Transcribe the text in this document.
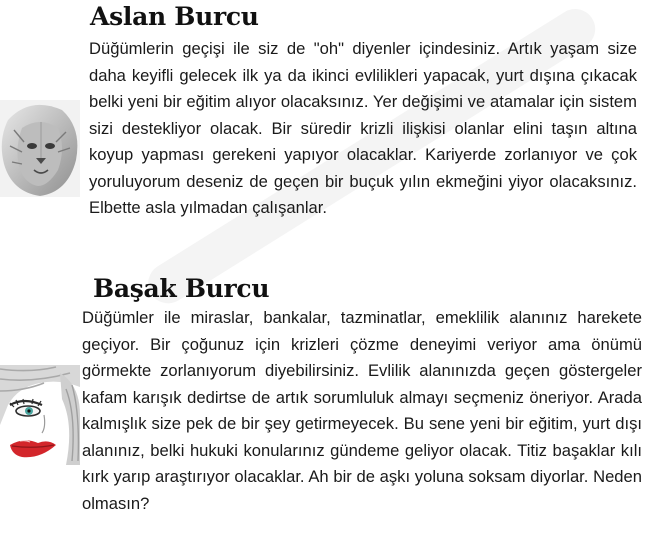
Aslan Burcu

Düğümlerin geçişi ile siz de "oh" diyenler içindesiniz. Artık yaşam size daha keyifli gelecek ilk ya da ikinci evlilikleri yapacak, yurt dışına çıkacak belki yeni bir eğitim alıyor olacaksınız. Yer değişimi ve atamalar için sistem sizi destekliyor olacak. Bir süredir krizli ilişkisi olanlar elini taşın altına koyup yapması gerekeni yapıyor olacaklar. Kariyerde zorlanıyor ve çok yoruluyorum deseniz de geçen bir buçuk yılın ekmeğini yiyor olacaksınız. Elbette asla yılmadan çalışanlar.

Başak Burcu

Düğümler ile miraslar, bankalar, tazminatlar, emeklilik alanınız harekete geçiyor. Bir çoğunuz için krizleri çözme deneyimi veriyor ama önümü görmekte zorlanıyorum diyebilirsiniz. Evlilik alanınızda geçen göstergeler kafam karışık dedirtse de artık sorumluluk almayı seçmeniz öneriyor. Arada kalmışlık size pek de bir şey getirmeyecek. Bu sene yeni bir eğitim, yurt dışı alanınız, belki hukuki konularınız gündeme geliyor olacak. Titiz başaklar kılı kırk yarıp araştırıyor olacaklar. Ah bir de aşkı yoluna soksam diyorlar. Neden olmasın?
